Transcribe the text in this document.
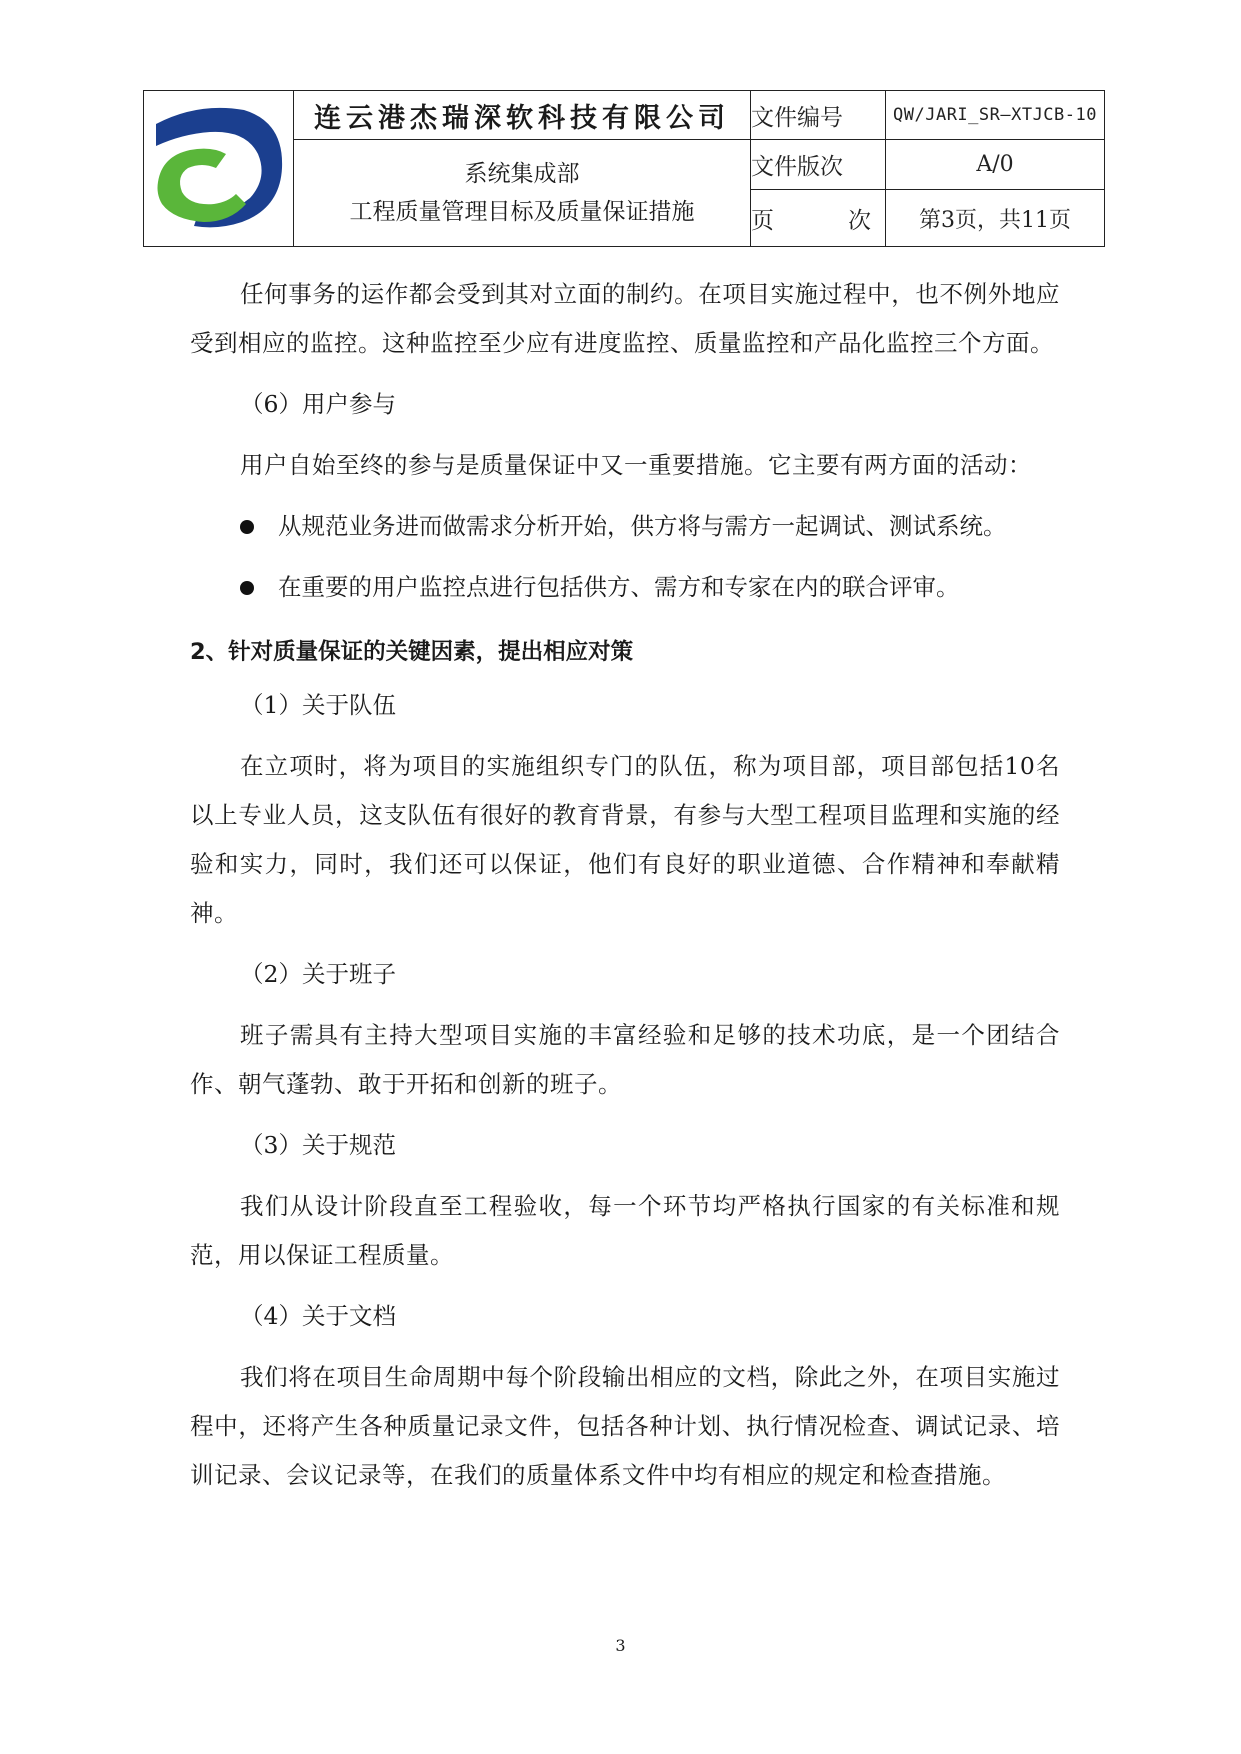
	连云港杰瑞深软科技有限公司	文件编号	QW/JARI_SR—XTJCB-10

	系统集成部
工程质量管理目标及质量保证措施	文件版次	A/0

		页 次	第3页，共11页

任何事务的运作都会受到其对立面的制约。在项目实施过程中，也不例外地应受到相应的监控。这种监控至少应有进度监控、质量监控和产品化监控三个方面。

（6）用户参与

用户自始至终的参与是质量保证中又一重要措施。它主要有两方面的活动：

从规范业务进而做需求分析开始，供方将与需方一起调试、测试系统。
在重要的用户监控点进行包括供方、需方和专家在内的联合评审。

2、针对质量保证的关键因素，提出相应对策

（1）关于队伍

在立项时，将为项目的实施组织专门的队伍，称为项目部，项目部包括10名以上专业人员，这支队伍有很好的教育背景，有参与大型工程项目监理和实施的经验和实力，同时，我们还可以保证，他们有良好的职业道德、合作精神和奉献精神。

（2）关于班子

班子需具有主持大型项目实施的丰富经验和足够的技术功底，是一个团结合作、朝气蓬勃、敢于开拓和创新的班子。

（3）关于规范

我们从设计阶段直至工程验收，每一个环节均严格执行国家的有关标准和规范，用以保证工程质量。

（4）关于文档

我们将在项目生命周期中每个阶段输出相应的文档，除此之外，在项目实施过程中，还将产生各种质量记录文件，包括各种计划、执行情况检查、调试记录、培训记录、会议记录等，在我们的质量体系文件中均有相应的规定和检查措施。

3
